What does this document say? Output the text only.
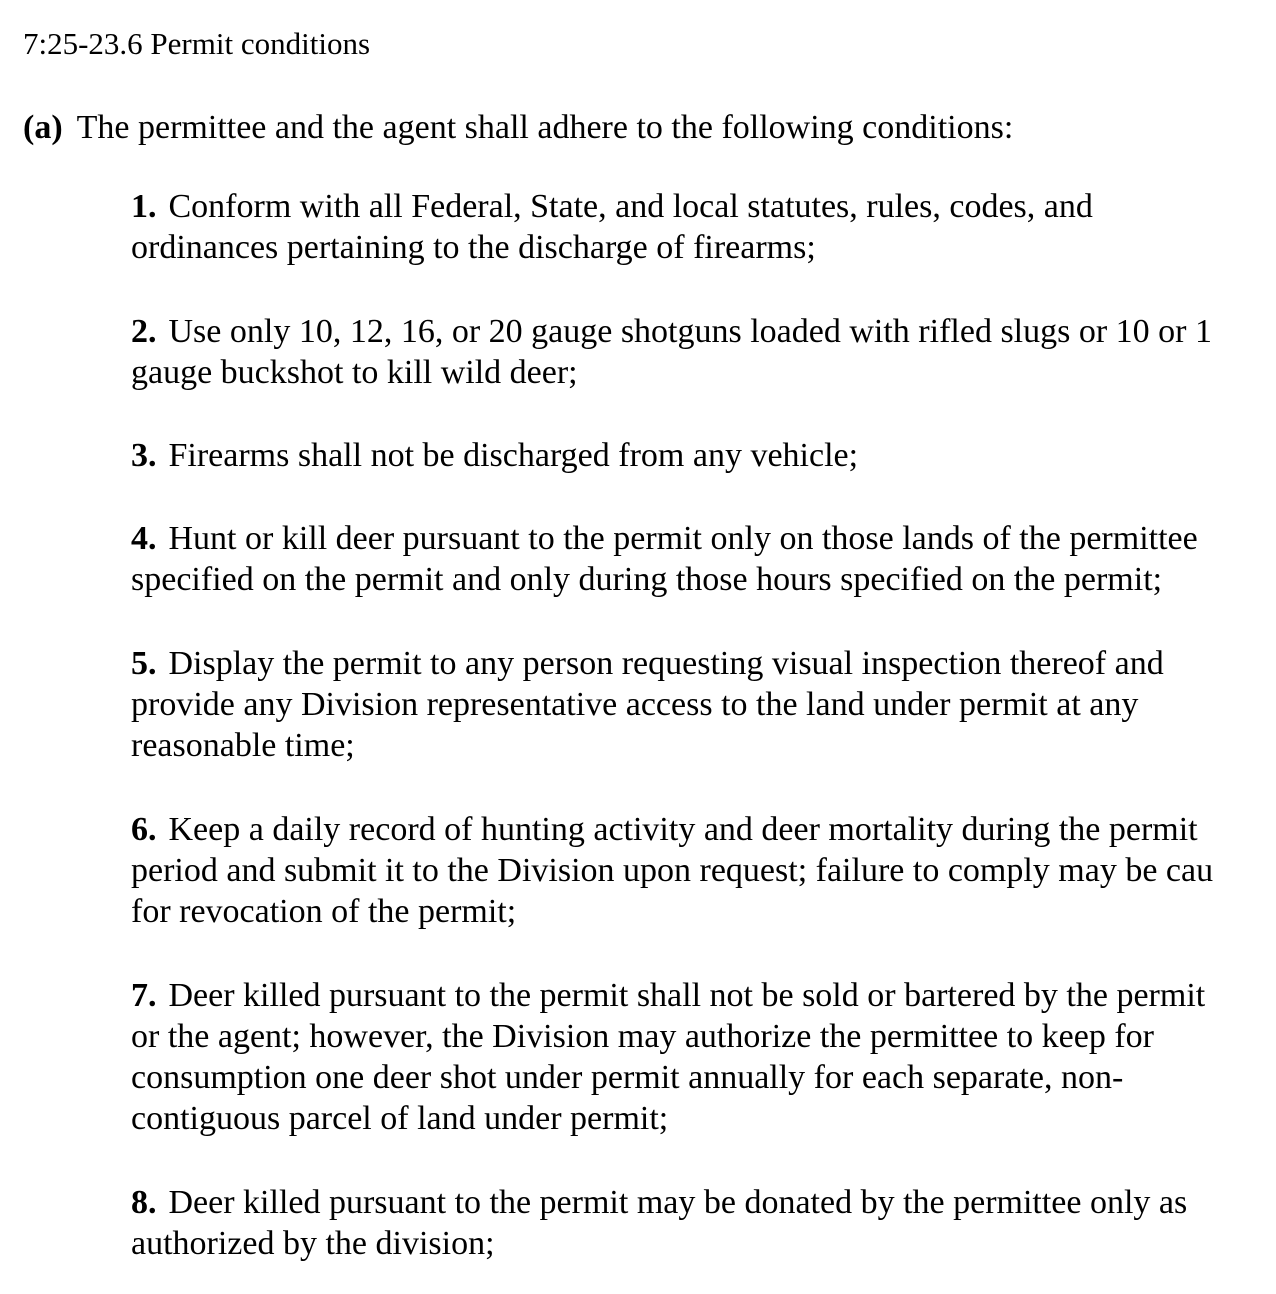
7:25-23.6 Permit conditions
(a) The permittee and the agent shall adhere to the following conditions:
1. Conform with all Federal, State, and local statutes, rules, codes, and
ordinances pertaining to the discharge of firearms;
2. Use only 10, 12, 16, or 20 gauge shotguns loaded with rifled slugs or 10 or 1
gauge buckshot to kill wild deer;
3. Firearms shall not be discharged from any vehicle;
4. Hunt or kill deer pursuant to the permit only on those lands of the permittee
specified on the permit and only during those hours specified on the permit;
5. Display the permit to any person requesting visual inspection thereof and
provide any Division representative access to the land under permit at any
reasonable time;
6. Keep a daily record of hunting activity and deer mortality during the permit
period and submit it to the Division upon request; failure to comply may be cau
for revocation of the permit;
7. Deer killed pursuant to the permit shall not be sold or bartered by the permit
or the agent; however, the Division may authorize the permittee to keep for
consumption one deer shot under permit annually for each separate, non-
contiguous parcel of land under permit;
8. Deer killed pursuant to the permit may be donated by the permittee only as
authorized by the division;
